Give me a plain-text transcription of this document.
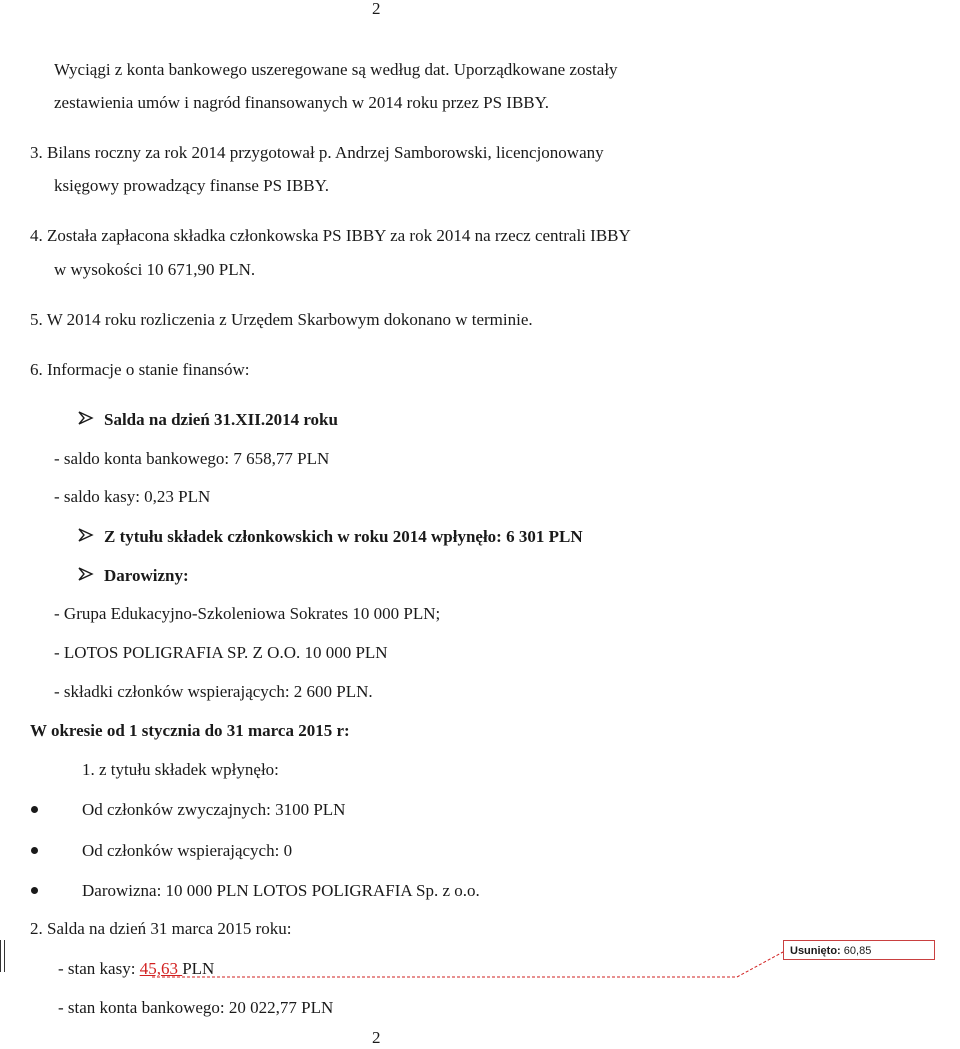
2
Wyciągi z konta bankowego uszeregowane są według dat. Uporządkowane zostały
zestawienia umów i nagród finansowanych w 2014 roku przez PS IBBY.
3. Bilans roczny za rok 2014 przygotował p. Andrzej Samborowski, licencjonowany
księgowy prowadzący finanse PS IBBY.
4. Została zapłacona składka członkowska PS IBBY za rok 2014 na rzecz centrali IBBY
w wysokości 10 671,90 PLN.
5. W 2014 roku rozliczenia z Urzędem Skarbowym dokonano w terminie.
6. Informacje o stanie finansów:
Salda na dzień 31.XII.2014 roku
- saldo konta bankowego: 7 658,77 PLN
- saldo kasy: 0,23 PLN
Z tytułu składek członkowskich w roku 2014 wpłynęło: 6 301 PLN
Darowizny:
- Grupa Edukacyjno-Szkoleniowa Sokrates 10 000 PLN;
- LOTOS POLIGRAFIA SP. Z O.O. 10 000 PLN
- składki członków wspierających: 2 600 PLN.
W okresie od 1 stycznia do 31 marca 2015 r:
1. z tytułu składek wpłynęło:
Od członków zwyczajnych: 3100 PLN
Od członków wspierających: 0
Darowizna: 10 000 PLN LOTOS POLIGRAFIA Sp. z o.o.
2. Salda na dzień 31 marca 2015 roku:
- stan kasy: 45,63 PLN
Usunięto: 60,85
- stan konta bankowego: 20 022,77 PLN
2
